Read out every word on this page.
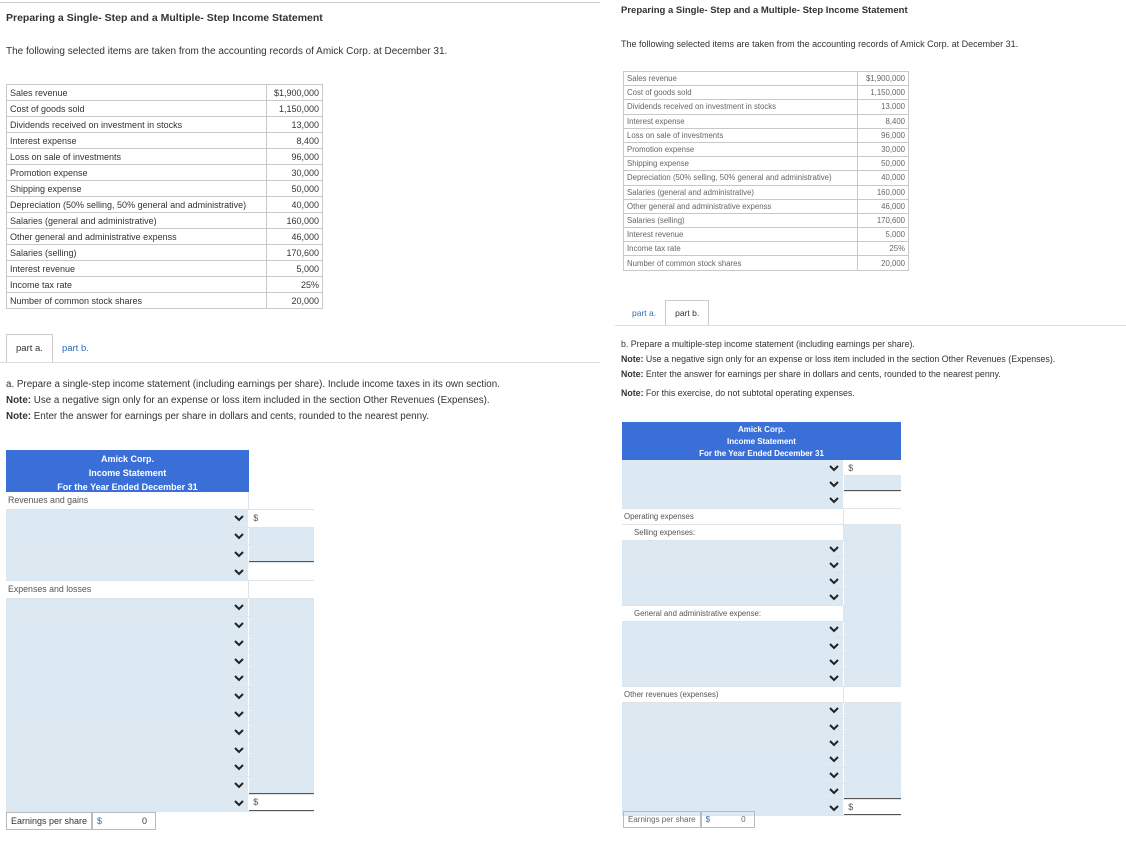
Preparing a Single- Step and a Multiple- Step Income Statement
The following selected items are taken from the accounting records of Amick Corp. at December 31.
Sales revenue	$1,900,000
Cost of goods sold	1,150,000
Dividends received on investment in stocks	13,000
Interest expense	8,400
Loss on sale of investments	96,000
Promotion expense	30,000
Shipping expense	50,000
Depreciation (50% selling, 50% general and administrative)	40,000
Salaries (general and administrative)	160,000
Other general and administrative expenss	46,000
Salaries (selling)	170,600
Interest revenue	5,000
Income tax rate	25%
Number of common stock shares	20,000
part a.	part b.
a. Prepare a single-step income statement (including earnings per share). Include income taxes in its own section.
Note: Use a negative sign only for an expense or loss item included in the section Other Revenues (Expenses).
Note: Enter the answer for earnings per share in dollars and cents, rounded to the nearest penny.
Amick Corp.
Income Statement
For the Year Ended December 31
Revenues and gains
$
Expenses and losses
$
Earnings per share	$	0
Preparing a Single- Step and a Multiple- Step Income Statement
The following selected items are taken from the accounting records of Amick Corp. at December 31.
Sales revenue	$1,900,000
Cost of goods sold	1,150,000
Dividends received on investment in stocks	13,000
Interest expense	8,400
Loss on sale of investments	96,000
Promotion expense	30,000
Shipping expense	50,000
Depreciation (50% selling, 50% general and administrative)	40,000
Salaries (general and administrative)	160,000
Other general and administrative expenss	46,000
Salaries (selling)	170,600
Interest revenue	5,000
Income tax rate	25%
Number of common stock shares	20,000
part a.	part b.
b. Prepare a multiple-step income statement (including earnings per share).
Note: Use a negative sign only for an expense or loss item included in the section Other Revenues (Expenses).
Note: Enter the answer for earnings per share in dollars and cents, rounded to the nearest penny.
Note: For this exercise, do not subtotal operating expenses.
Amick Corp.
Income Statement
For the Year Ended December 31
$
Operating expenses
Selling expenses:
General and administrative expense:
Other revenues (expenses)
$
Earnings per share	$	0
